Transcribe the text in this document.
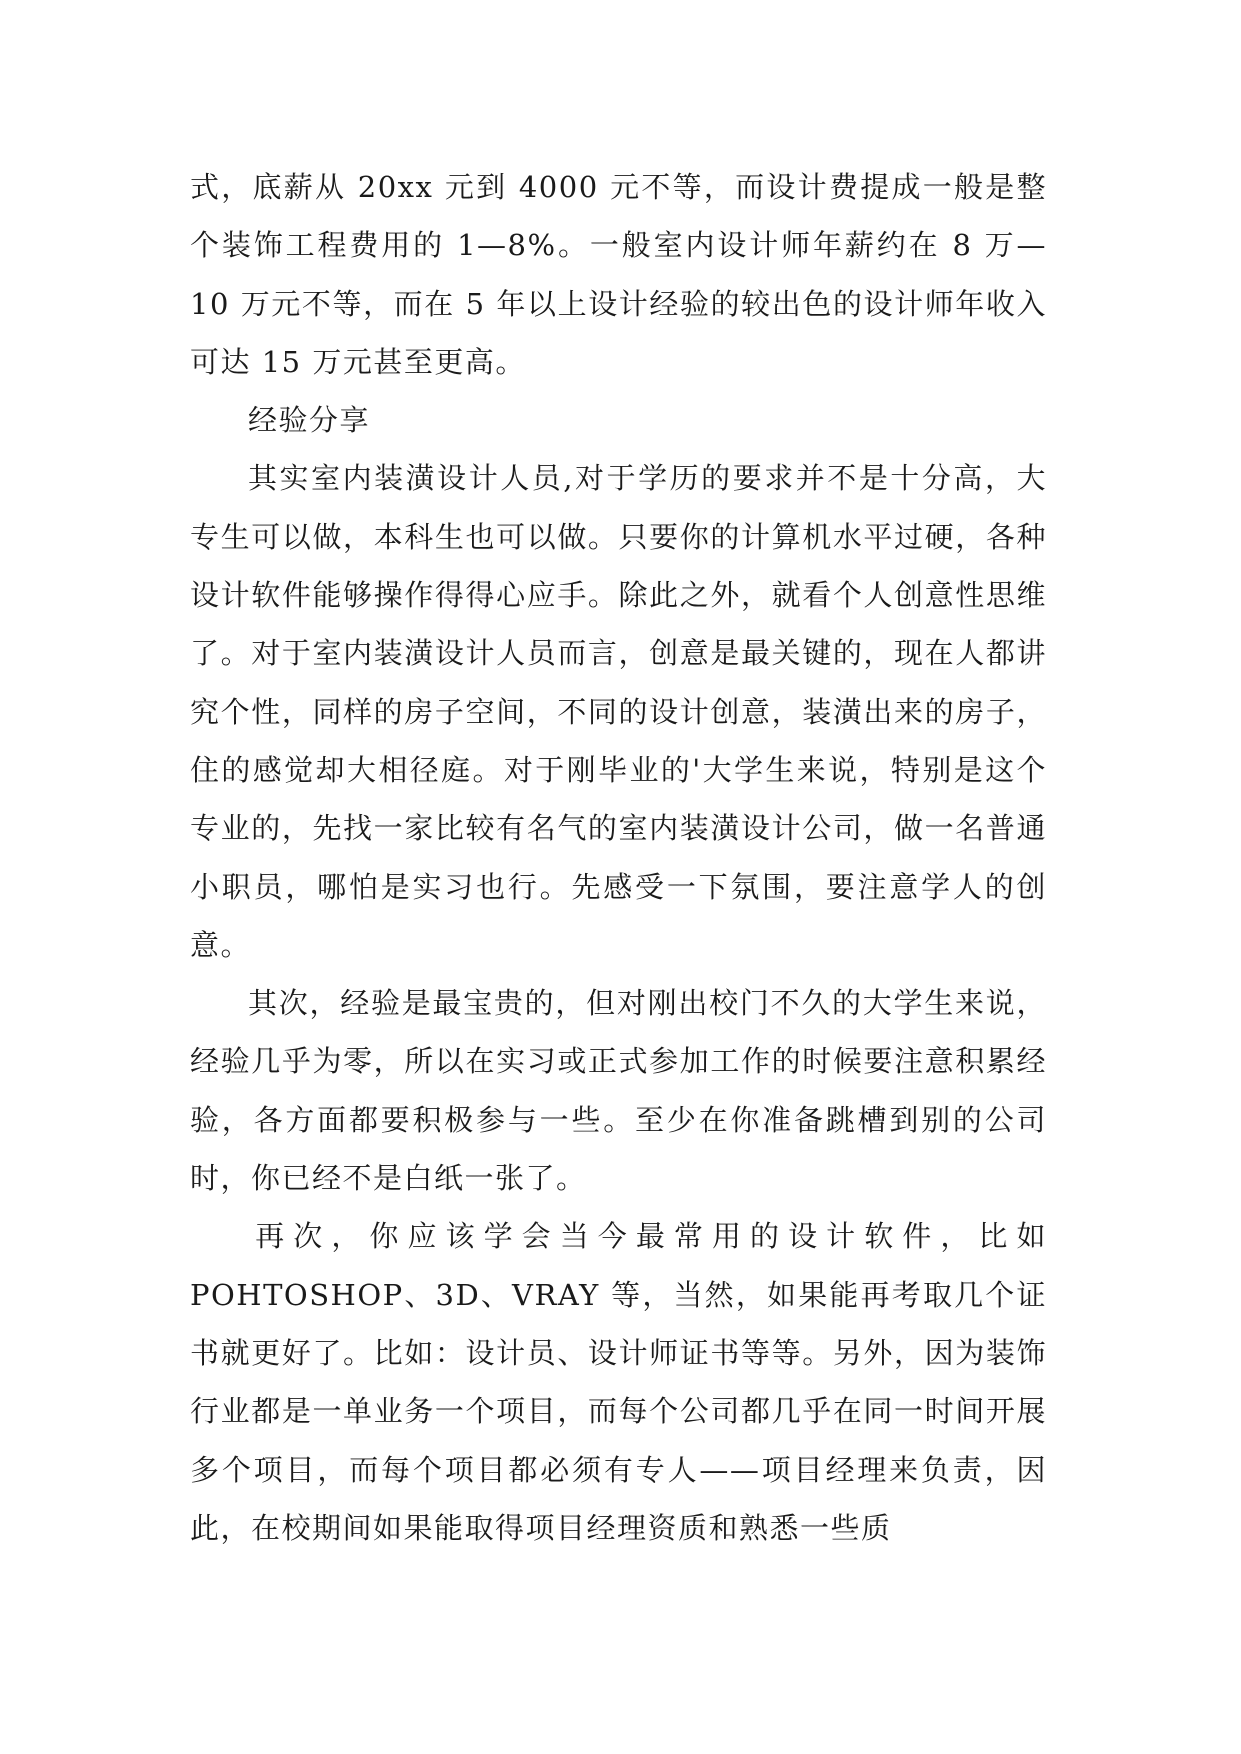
式，底薪从 20xx 元到 4000 元不等，而设计费提成一般是整个装饰工程费用的 1—8%。一般室内设计师年薪约在 8 万—10 万元不等，而在 5 年以上设计经验的较出色的设计师年收入可达 15 万元甚至更高。

经验分享

其实室内装潢设计人员,对于学历的要求并不是十分高，大专生可以做，本科生也可以做。只要你的计算机水平过硬，各种设计软件能够操作得得心应手。除此之外，就看个人创意性思维了。对于室内装潢设计人员而言，创意是最关键的，现在人都讲究个性，同样的房子空间，不同的设计创意，装潢出来的房子，住的感觉却大相径庭。对于刚毕业的'大学生来说，特别是这个专业的，先找一家比较有名气的室内装潢设计公司，做一名普通小职员，哪怕是实习也行。先感受一下氛围，要注意学人的创意。

其次，经验是最宝贵的，但对刚出校门不久的大学生来说，经验几乎为零，所以在实习或正式参加工作的时候要注意积累经验，各方面都要积极参与一些。至少在你准备跳槽到别的公司时，你已经不是白纸一张了。

再次，你应该学会当今最常用的设计软件，比如 POHTOSHOP、3D、VRAY 等，当然，如果能再考取几个证书就更好了。比如：设计员、设计师证书等等。另外，因为装饰行业都是一单业务一个项目，而每个公司都几乎在同一时间开展多个项目，而每个项目都必须有专人——项目经理来负责，因此，在校期间如果能取得项目经理资质和熟悉一些质
